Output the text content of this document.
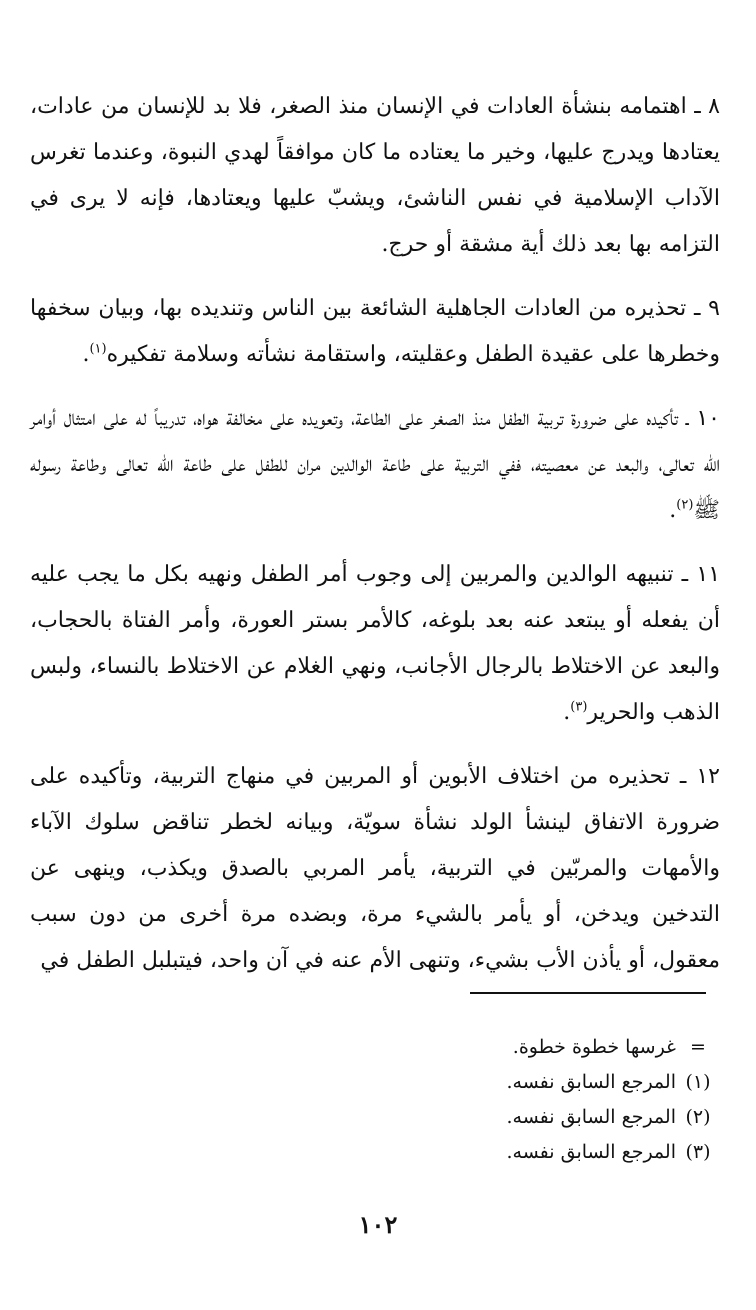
٨ ـ اهتمامه بنشأة العادات في الإنسان منذ الصغر، فلا بد للإنسان من عادات، يعتادها ويدرج عليها، وخير ما يعتاده ما كان موافقاً لهدي النبوة، وعندما تغرس الآداب الإسلامية في نفس الناشئ، ويشبّ عليها ويعتادها، فإنه لا يرى في التزامه بها بعد ذلك أية مشقة أو حرج.

٩ ـ تحذيره من العادات الجاهلية الشائعة بين الناس وتنديده بها، وبيان سخفها وخطرها على عقيدة الطفل وعقليته، واستقامة نشأته وسلامة تفكيره$^{(١)}$.

١٠ ـ تأكيده على ضرورة تربية الطفل منذ الصغر على الطاعة، وتعويده على مخالفة هواه، تدريباً له على امتثال أوامر الله تعالى، والبعد عن معصيته، ففي التربية على طاعة الوالدين مران للطفل على طاعة الله تعالى وطاعة رسوله ﷺ$^{(٢)}$.

١١ ـ تنبيهه الوالدين والمربين إلى وجوب أمر الطفل ونهيه بكل ما يجب عليه أن يفعله أو يبتعد عنه بعد بلوغه، كالأمر بستر العورة، وأمر الفتاة بالحجاب، والبعد عن الاختلاط بالرجال الأجانب، ونهي الغلام عن الاختلاط بالنساء، ولبس الذهب والحرير$^{(٣)}$.

١٢ ـ تحذيره من اختلاف الأبوين أو المربين في منهاج التربية، وتأكيده على ضرورة الاتفاق لينشأ الولد نشأة سويّة، وبيانه لخطر تناقض سلوك الآباء والأمهات والمربّين في التربية، يأمر المربي بالصدق ويكذب، وينهى عن التدخين ويدخن، أو يأمر بالشيء مرة، وبضده مرة أخرى من دون سبب معقول، أو يأذن الأب بشيء، وتنهى الأم عنه في آن واحد، فيتبلبل الطفل في

=
غرسها خطوة خطوة.
(١)
المرجع السابق نفسه.
(٢)
المرجع السابق نفسه.
(٣)
المرجع السابق نفسه.
١٠٢
